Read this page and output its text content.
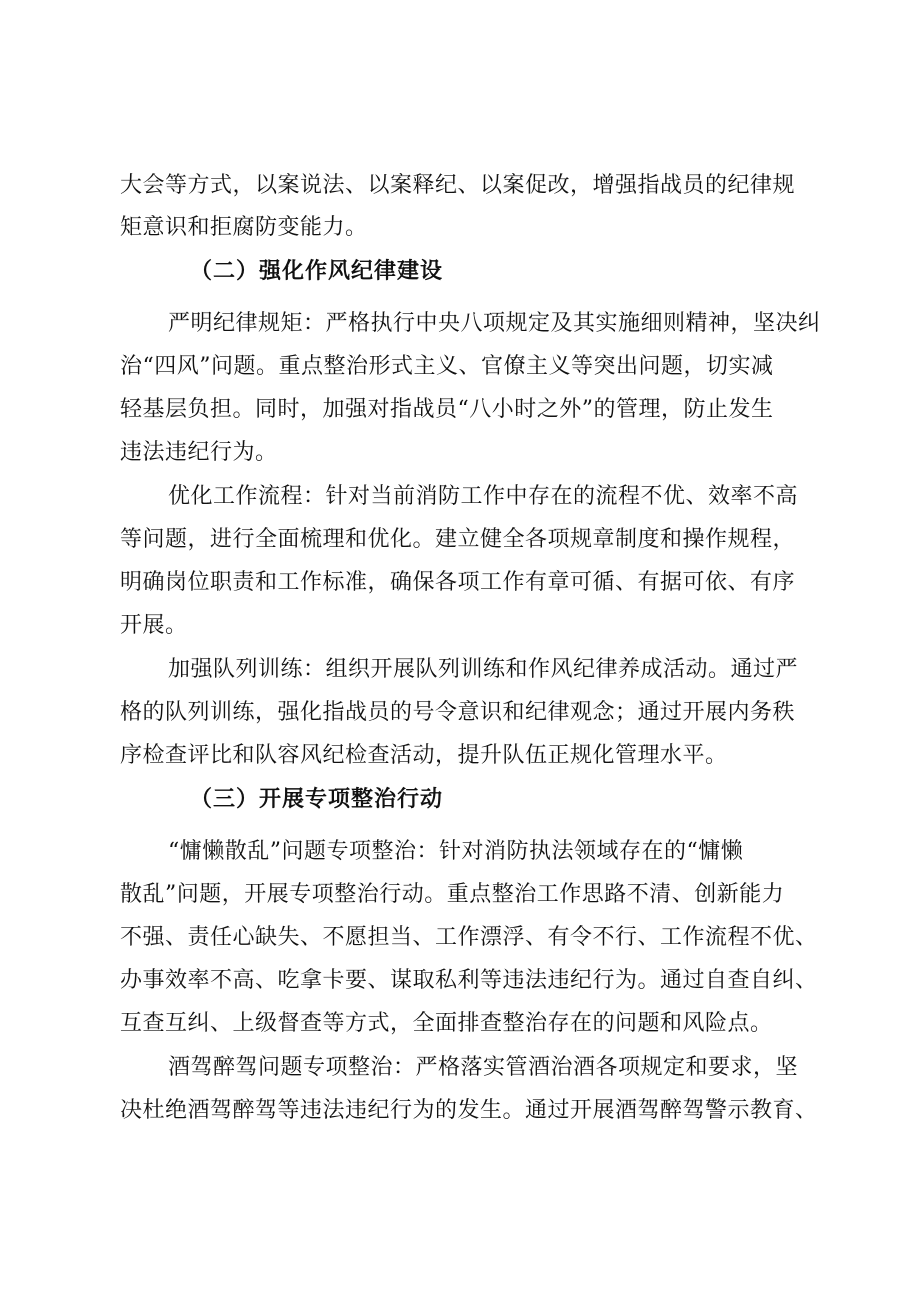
大会等方式，以案说法、以案释纪、以案促改，增强指战员的纪律规
矩意识和拒腐防变能力。
（二）强化作风纪律建设
严明纪律规矩：严格执行中央八项规定及其实施细则精神，坚决纠
治“四风”问题。重点整治形式主义、官僚主义等突出问题，切实减
轻基层负担。同时，加强对指战员“八小时之外”的管理，防止发生
违法违纪行为。
优化工作流程：针对当前消防工作中存在的流程不优、效率不高
等问题，进行全面梳理和优化。建立健全各项规章制度和操作规程，
明确岗位职责和工作标准，确保各项工作有章可循、有据可依、有序
开展。
加强队列训练：组织开展队列训练和作风纪律养成活动。通过严
格的队列训练，强化指战员的号令意识和纪律观念；通过开展内务秩
序检查评比和队容风纪检查活动，提升队伍正规化管理水平。
（三）开展专项整治行动
“慵懒散乱”问题专项整治：针对消防执法领域存在的“慵懒
散乱”问题，开展专项整治行动。重点整治工作思路不清、创新能力
不强、责任心缺失、不愿担当、工作漂浮、有令不行、工作流程不优、
办事效率不高、吃拿卡要、谋取私利等违法违纪行为。通过自查自纠、
互查互纠、上级督查等方式，全面排查整治存在的问题和风险点。
酒驾醉驾问题专项整治：严格落实管酒治酒各项规定和要求，坚
决杜绝酒驾醉驾等违法违纪行为的发生。通过开展酒驾醉驾警示教育、
